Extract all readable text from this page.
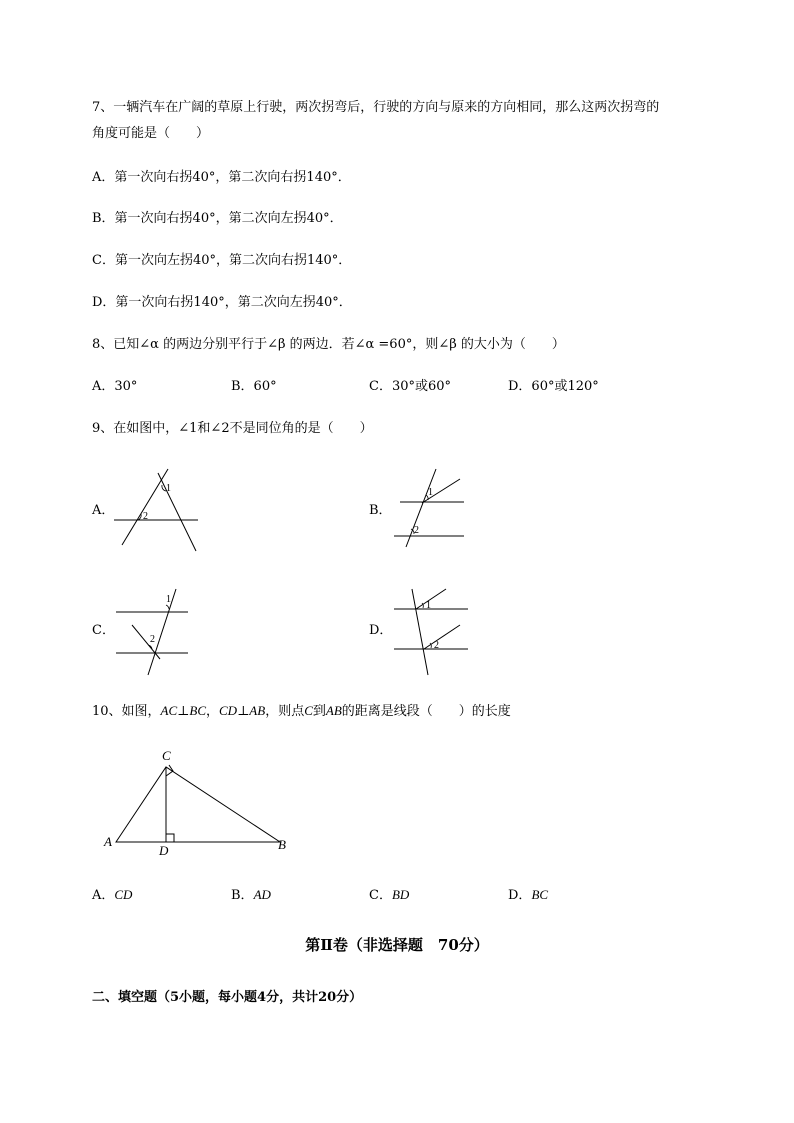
7、一辆汽车在广阔的草原上行驶，两次拐弯后，行驶的方向与原来的方向相同，那么这两次拐弯的
角度可能是（　　）
A．第一次向右拐40°，第二次向右拐140°．
B．第一次向右拐40°，第二次向左拐40°．
C．第一次向左拐40°，第二次向右拐140°．
D．第一次向右拐140°，第二次向左拐40°．
8、已知∠α 的两边分别平行于∠β 的两边．若∠α =60°，则∠β 的大小为（　　）
A．30°	B．60°	C．30°或60°	D．60°或120°
9、在如图中，∠1和∠2不是同位角的是（　　）
A．
1
2	B．
1
2
C．
1
2
D．
1
2
10、如图，AC⊥BC，CD⊥AB，则点C到AB的距离是线段（　　）的长度
C
A
D	B
A．CD	B．AD	C．BD	D．BC
第Ⅱ卷（非选择题　70分）
二、填空题（5小题，每小题4分，共计20分）
